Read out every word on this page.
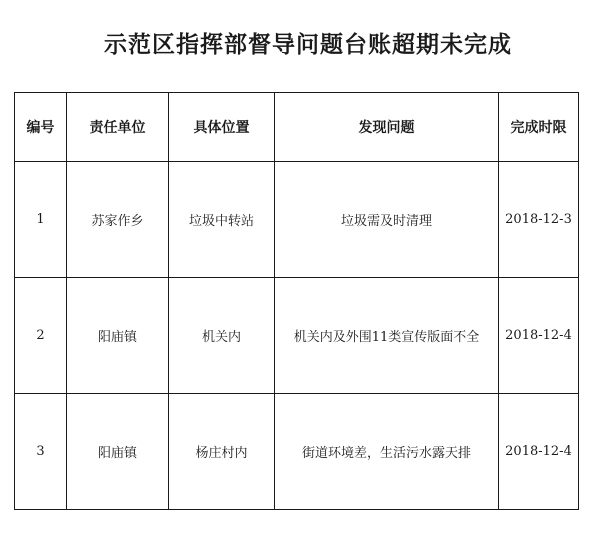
示范区指挥部督导问题台账超期未完成
编号	责任单位	具体位置	发现问题	完成时限
1	苏家作乡	垃圾中转站	垃圾需及时清理	2018-12-3
2	阳庙镇	机关内	机关内及外围11类宣传版面不全	2018-12-4
3	阳庙镇	杨庄村内	街道环境差，生活污水露天排	2018-12-4
